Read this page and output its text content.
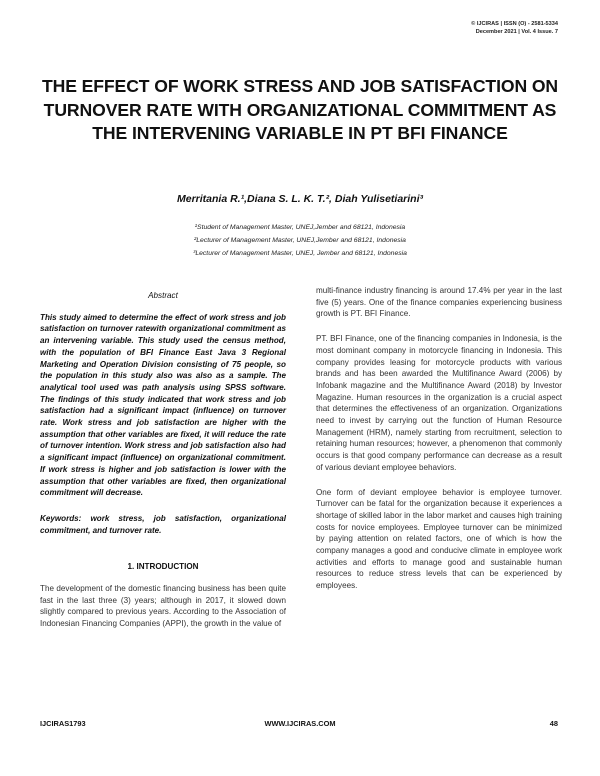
© IJCIRAS | ISSN (O) - 2581-5334
December 2021 | Vol. 4 Issue. 7
THE EFFECT OF WORK STRESS AND JOB SATISFACTION ON TURNOVER RATE WITH ORGANIZATIONAL COMMITMENT AS THE INTERVENING VARIABLE IN PT BFI FINANCE
Merritania R.¹,Diana S. L. K. T.², Diah Yulisetiarini³
¹Student of Management Master, UNEJ,Jember and 68121, Indonesia
²Lecturer of Management Master, UNEJ,Jember and 68121, Indonesia
³Lecturer of Management Master, UNEJ, Jember and 68121, Indonesia
Abstract

This study aimed to determine the effect of work stress and job satisfaction on turnover ratewith organizational commitment as an intervening variable. This study used the census method, with the population of BFI Finance East Java 3 Regional Marketing and Operation Division consisting of 75 people, so the population in this study also was also as a sample. The analytical tool used was path analysis using SPSS software. The findings of this study indicated that work stress and job satisfaction had a significant impact (influence) on turnover rate. Work stress and job satisfaction are higher with the assumption that other variables are fixed, it will reduce the rate of turnover intention. Work stress and job satisfaction also had a significant impact (influence) on organizational commitment. If work stress is higher and job satisfaction is lower with the assumption that other variables are fixed, then organizational commitment will decrease.

Keywords: work stress, job satisfaction, organizational commitment, and turnover rate.

1. INTRODUCTION

The development of the domestic financing business has been quite fast in the last three (3) years; although in 2017, it slowed down slightly compared to previous years. According to the Association of Indonesian Financing Companies (APPI), the growth in the value of

multi-finance industry financing is around 17.4% per year in the last five (5) years. One of the finance companies experiencing business growth is PT. BFI Finance.

PT. BFI Finance, one of the financing companies in Indonesia, is the most dominant company in motorcycle financing in Indonesia. This company provides leasing for motorcycle products with various brands and has been awarded the Multifinance Award (2006) by Infobank magazine and the Multifinance Award (2018) by Investor Magazine. Human resources in the organization is a crucial aspect that determines the effectiveness of an organization. Organizations need to invest by carrying out the function of Human Resource Management (HRM), namely starting from recruitment, selection to retaining human resources; however, a phenomenon that commonly occurs is that good company performance can decrease as a result of various deviant employee behaviors.

One form of deviant employee behavior is employee turnover. Turnover can be fatal for the organization because it experiences a shortage of skilled labor in the labor market and causes high training costs for novice employees. Employee turnover can be minimized by paying attention on related factors, one of which is how the company manages a good and conducive climate in employee work activities and efforts to manage good and sustainable human resources to reduce stress levels that can be experienced by employees.

IJCIRAS1793	WWW.IJCIRAS.COM	48
